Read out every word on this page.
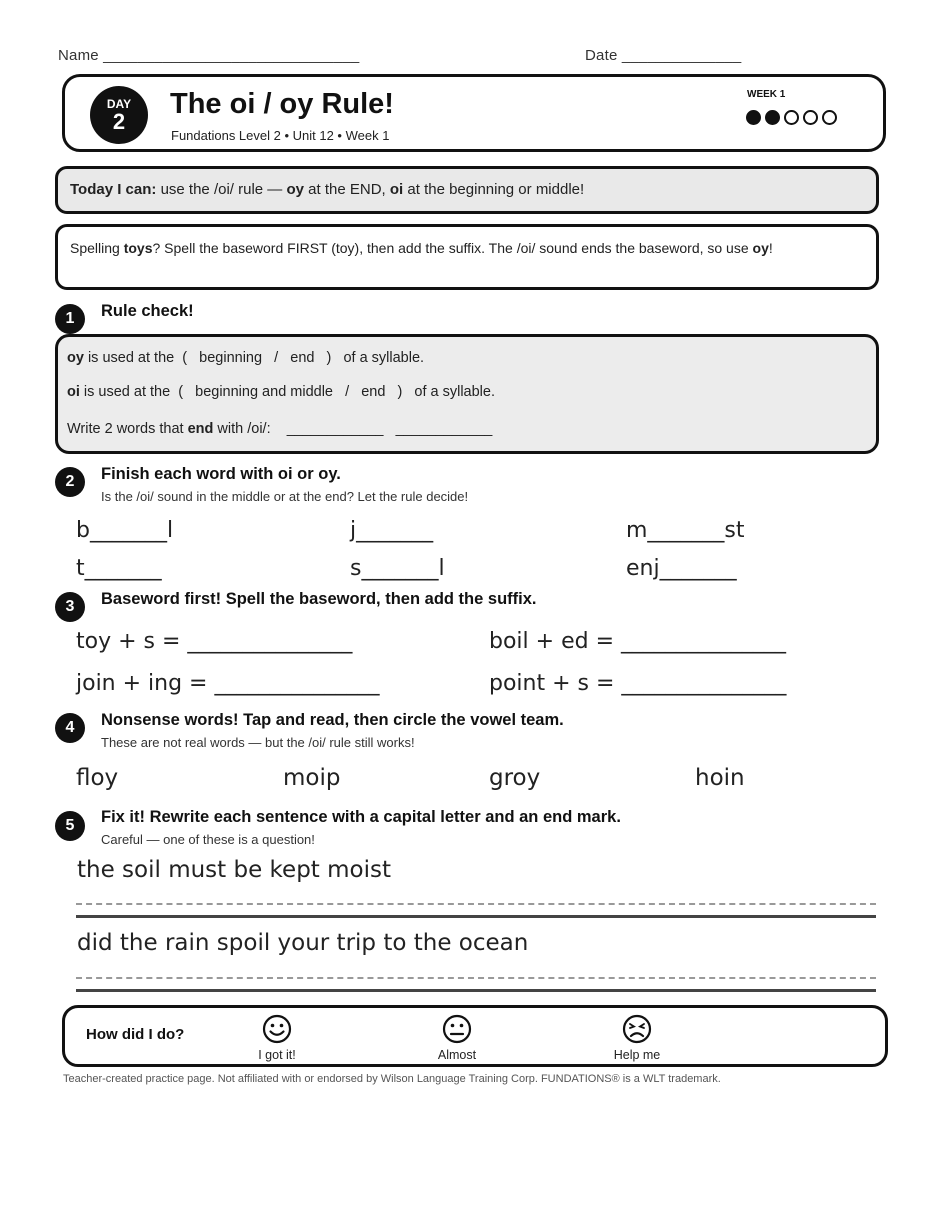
Name ______________________________	Date ______________
DAY
2
The oi / oy Rule!
Fundations Level 2 • Unit 12 • Week 1
WEEK 1
Today I can: use the /oi/ rule — oy at the END, oi at the beginning or middle!
Spelling toys? Spell the baseword FIRST (toy), then add the suffix. The /oi/ sound ends the baseword, so use oy!
1	Rule check!
oy is used at the  (   beginning   /   end   )   of a syllable.
oi is used at the  (   beginning and middle   /   end   )   of a syllable.
Write 2 words that end with /oi/:    ____________   ____________
2	Finish each word with oi or oy.
Is the /oi/ sound in the middle or at the end? Let the rule decide!
b_______l	j_______	m_______st
t_______	s_______l	enj_______
3	Baseword first! Spell the baseword, then add the suffix.
toy + s = _______________	boil + ed = _______________
join + ing = _______________	point + s = _______________
4	Nonsense words! Tap and read, then circle the vowel team.
These are not real words — but the /oi/ rule still works!
floy	moip	groy	hoin
5	Fix it! Rewrite each sentence with a capital letter and an end mark.
Careful — one of these is a question!
the soil must be kept moist
did the rain spoil your trip to the ocean
How did I do?
I got it!	Almost	Help me
Teacher-created practice page. Not affiliated with or endorsed by Wilson Language Training Corp. FUNDATIONS® is a WLT trademark.
